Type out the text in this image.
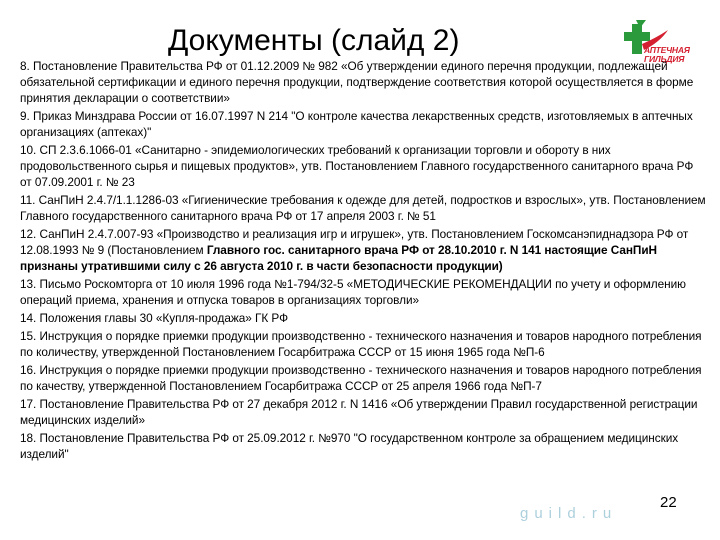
Документы (слайд 2)	АПТЕЧНАЯ
ГИЛЬДИЯ
8. Постановление Правительства РФ от 01.12.2009 № 982 «Об утверждении единого перечня продукции, подлежащей обязательной сертификации и единого перечня продукции, подтверждение соответствия которой осуществляется в форме принятия декларации о соответствии»
9. Приказ Минздрава России от 16.07.1997 N 214 "О контроле качества лекарственных средств, изготовляемых в аптечных организациях (аптеках)"
10. СП 2.3.6.1066-01 «Санитарно - эпидемиологических требований к организации торговли и обороту в них продовольственного сырья и пищевых продуктов», утв. Постановлением Главного государственного санитарного врача РФ от 07.09.2001 г. № 23
11. СанПиН 2.4.7/1.1.1286-03 «Гигиенические требования к одежде для детей, подростков и взрослых», утв. Постановлением Главного государственного санитарного врача РФ от 17 апреля 2003 г. № 51
12. СанПиН 2.4.7.007-93 «Производство и реализация игр и игрушек», утв. Постановлением Госкомсанэпиднадзора РФ от 12.08.1993 № 9 (Постановлением Главного гос. санитарного врача РФ от 28.10.2010 г. N 141 настоящие СанПиН признаны утратившими силу с 26 августа 2010 г. в части безопасности продукции)
13. Письмо Роскомторга от 10 июля 1996 года №1-794/32-5 «МЕТОДИЧЕСКИЕ РЕКОМЕНДАЦИИ по учету и оформлению операций приема, хранения и отпуска товаров в организациях торговли»
14. Положения главы 30 «Купля-продажа» ГК РФ
15. Инструкция о порядке приемки продукции производственно - технического назначения и товаров народного потребления по количеству, утвержденной Постановлением Госарбитража СССР от 15 июня 1965 года №П-6
16. Инструкция о порядке приемки продукции производственно - технического назначения и товаров народного потребления по качеству, утвержденной Постановлением Госарбитража СССР от 25 апреля 1966 года №П-7
17. Постановление Правительства РФ от 27 декабря 2012 г. N 1416 «Об утверждении Правил государственной регистрации медицинских изделий»
18. Постановление Правительства РФ от 25.09.2012 г. №970 "О государственном контроле за обращением медицинских изделий"
guild.ru
22
